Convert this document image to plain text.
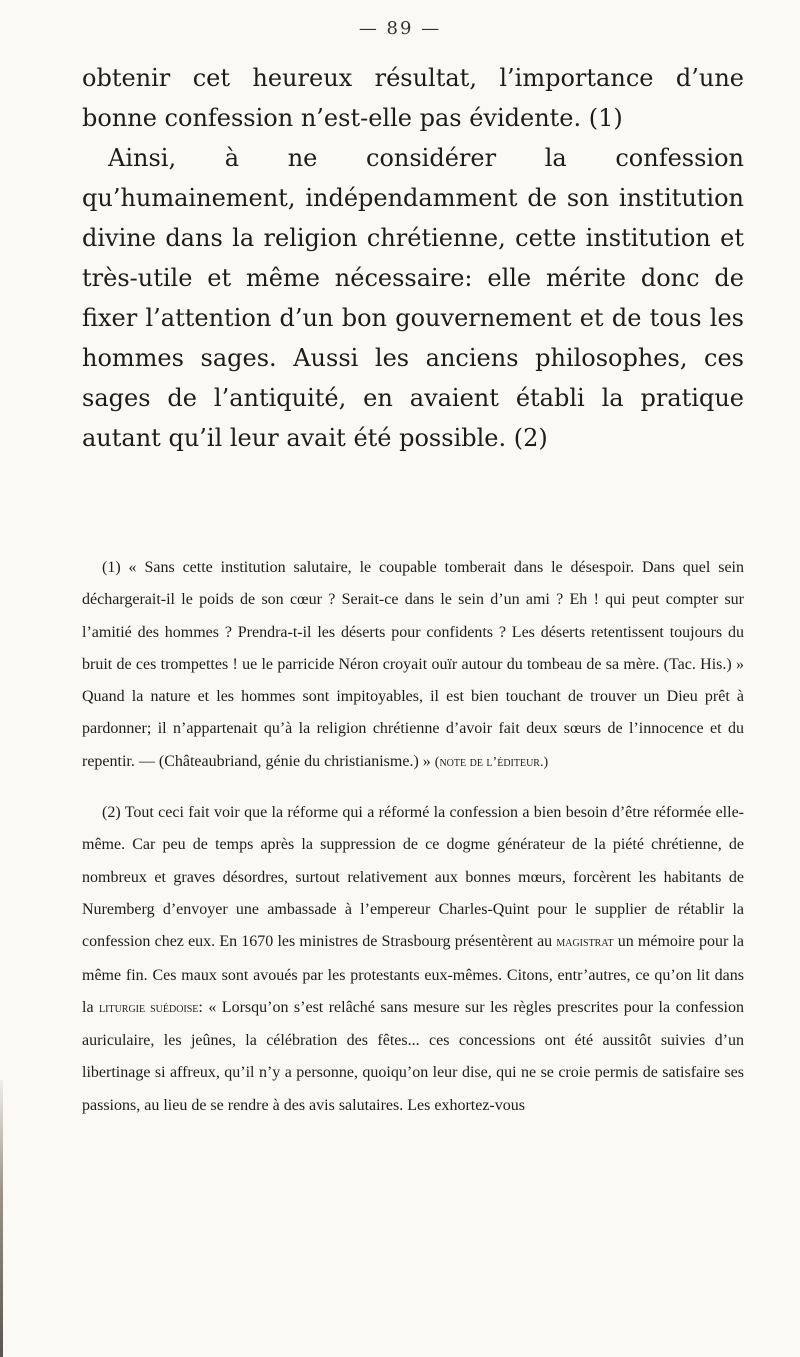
— 89 —
obtenir cet heureux résultat, l’importance d’une bonne confession n’est-elle pas évidente. (1)
Ainsi, à ne considérer la confession qu’humainement, indépendamment de son institution divine dans la religion chrétienne, cette institution et très-utile et même nécessaire: elle mérite donc de fixer l’attention d’un bon gouvernement et de tous les hommes sages. Aussi les anciens philosophes, ces sages de l’antiquité, en avaient établi la pratique autant qu’il leur avait été possible. (2)

(1) « Sans cette institution salutaire, le coupable tomberait dans le désespoir. Dans quel sein déchargerait-il le poids de son cœur ? Serait-ce dans le sein d’un ami ? Eh ! qui peut compter sur l’amitié des hommes ? Prendra-t-il les déserts pour confidents ? Les déserts retentissent toujours du bruit de ces trompettes ! ue le parricide Néron croyait ouïr autour du tombeau de sa mère. (Tac. His.) » Quand la nature et les hommes sont impitoyables, il est bien touchant de trouver un Dieu prêt à pardonner; il n’appartenait qu’à la religion chrétienne d’avoir fait deux sœurs de l’innocence et du repentir. — (Châteaubriand, génie du christianisme.) » (note de l’éditeur.)

(2) Tout ceci fait voir que la réforme qui a réformé la confession a bien besoin d’être réformée elle-même. Car peu de temps après la suppression de ce dogme générateur de la piété chrétienne, de nombreux et graves désordres, surtout relativement aux bonnes mœurs, forcèrent les habitants de Nuremberg d’envoyer une ambassade à l’empereur Charles-Quint pour le supplier de rétablir la confession chez eux. En 1670 les ministres de Strasbourg présentèrent au magistrat un mémoire pour la même fin. Ces maux sont avoués par les protestants eux-mêmes. Citons, entr’autres, ce qu’on lit dans la liturgie suédoise: « Lorsqu’on s’est relâché sans mesure sur les règles prescrites pour la confession auriculaire, les jeûnes, la célébration des fêtes... ces concessions ont été aussitôt suivies d’un libertinage si affreux, qu’il n’y a personne, quoiqu’on leur dise, qui ne se croie permis de satisfaire ses passions, au lieu de se rendre à des avis salutaires. Les exhortez-vous
